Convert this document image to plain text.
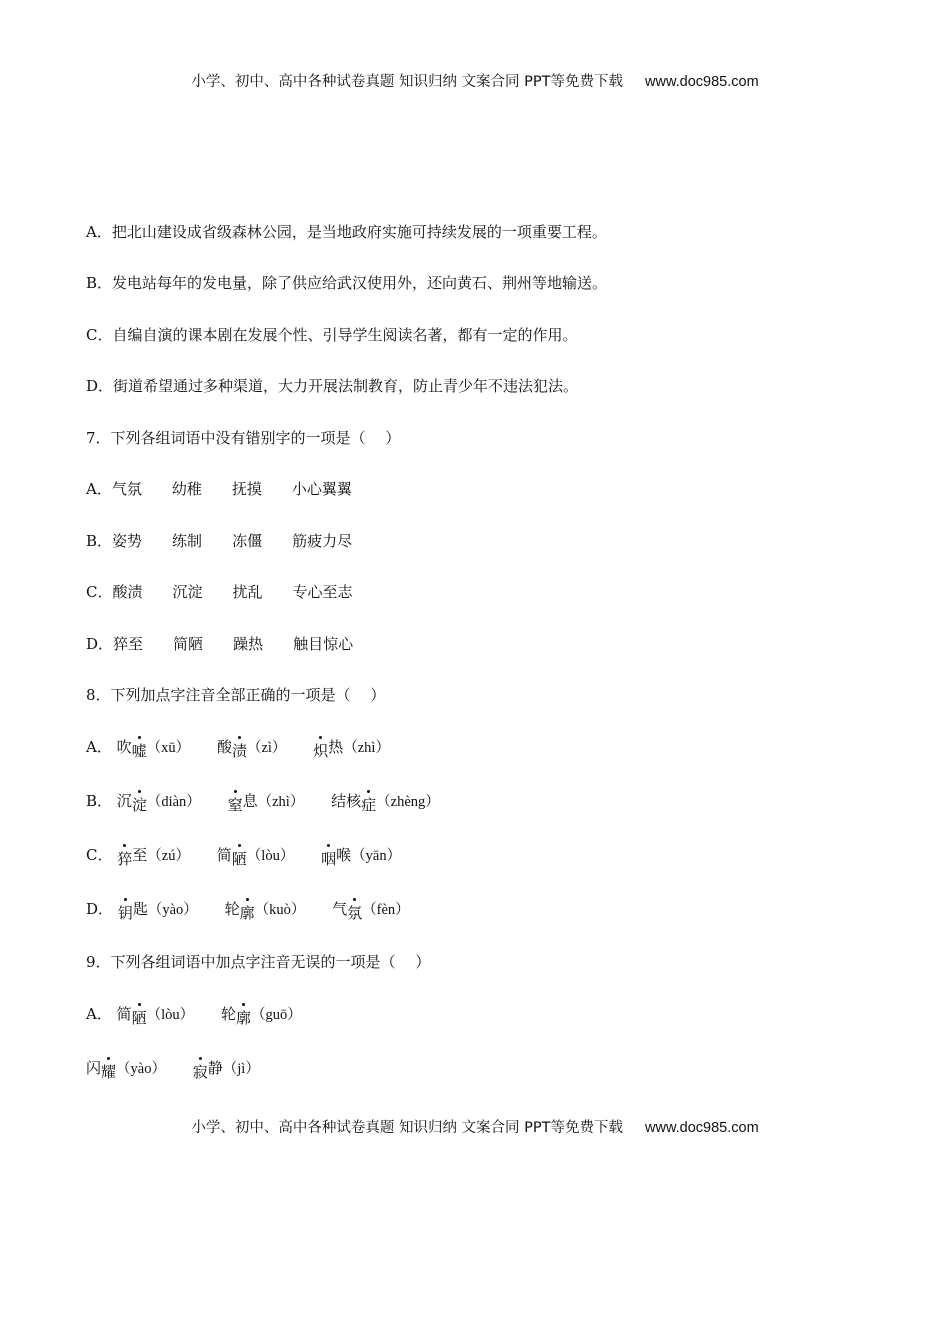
小学、初中、高中各种试卷真题 知识归纳 文案合同 PPT等免费下载 www.doc985.com
A．把北山建设成省级森林公园，是当地政府实施可持续发展的一项重要工程。
B．发电站每年的发电量，除了供应给武汉使用外，还向黄石、荆州等地输送。
C．自编自演的课本剧在发展个性、引导学生阅读名著，都有一定的作用。
D．街道希望通过多种渠道，大力开展法制教育，防止青少年不违法犯法。
7．下列各组词语中没有错别字的一项是（　 ）
A．气氛 幼稚 抚摸 小心翼翼
B．姿势 练制 冻僵 筋疲力尽
C．酸渍 沉淀 扰乱 专心至志
D．猝至 简陋 躁热 触目惊心
8．下列加点字注音全部正确的一项是（　 ）
A． 吹嘘（xū） 酸渍（zì） 炽热（zhì）
B． 沉淀（diàn） 窒息（zhì） 结核症（zhèng）
C． 猝至（zú） 简陋（lòu） 咽喉（yān）
D． 钥匙（yào） 轮廓（kuò） 气氛（fèn）
9．下列各组词语中加点字注音无误的一项是（　 ）
A． 简陋（lòu） 轮廓（guō）
闪耀（yào） 寂静（jì）
小学、初中、高中各种试卷真题 知识归纳 文案合同 PPT等免费下载 www.doc985.com
